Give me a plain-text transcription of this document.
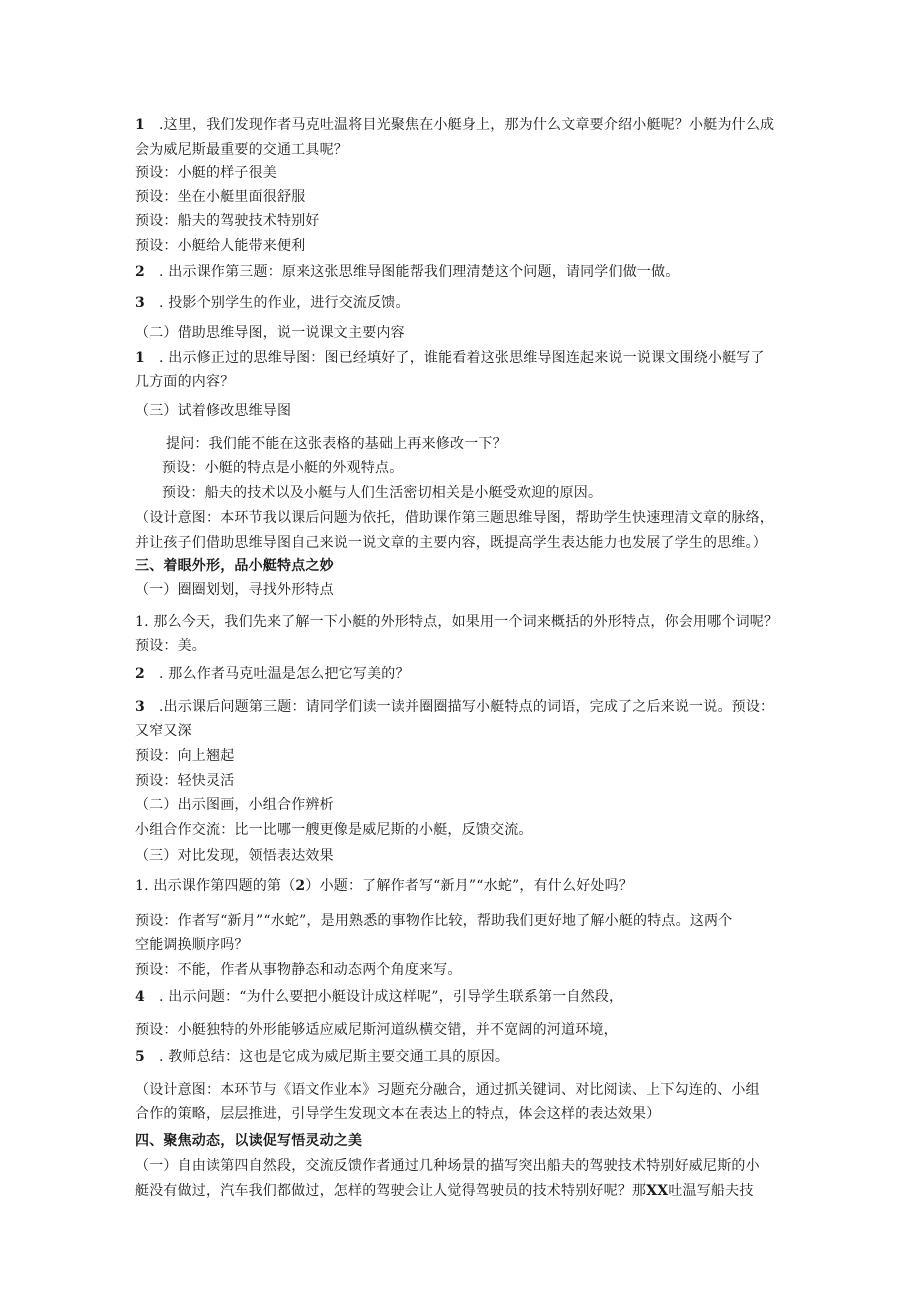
1 .这里，我们发现作者马克吐温将目光聚焦在小艇身上，那为什么文章要介绍小艇呢？小艇为什么成
会为威尼斯最重要的交通工具呢？
预设：小艇的样子很美
预设：坐在小艇里面很舒服
预设：船夫的驾驶技术特别好
预设：小艇给人能带来便利
2 . 出示课作第三题：原来这张思维导图能帮我们理清楚这个问题，请同学们做一做。
3 . 投影个别学生的作业，进行交流反馈。
（二）借助思维导图，说一说课文主要内容
1 . 出示修正过的思维导图：图已经填好了，谁能看着这张思维导图连起来说一说课文围绕小艇写了
几方面的内容？
（三）试着修改思维导图
提问：我们能不能在这张表格的基础上再来修改一下？
预设：小艇的特点是小艇的外观特点。
预设：船夫的技术以及小艇与人们生活密切相关是小艇受欢迎的原因。
（设计意图：本环节我以课后问题为依托，借助课作第三题思维导图，帮助学生快速理清文章的脉络，
并让孩子们借助思维导图自己来说一说文章的主要内容，既提高学生表达能力也发展了学生的思维。）
三、着眼外形，品小艇特点之妙
（一）圈圈划划，寻找外形特点
1. 那么今天，我们先来了解一下小艇的外形特点，如果用一个词来概括的外形特点，你会用哪个词呢？
预设：美。
2 . 那么作者马克吐温是怎么把它写美的？
3 .出示课后问题第三题：请同学们读一读并圈圈描写小艇特点的词语，完成了之后来说一说。预设：
又窄又深
预设：向上翘起
预设：轻快灵活
（二）出示图画，小组合作辨析
小组合作交流：比一比哪一艘更像是威尼斯的小艇，反馈交流。
（三）对比发现，领悟表达效果
1. 出示课作第四题的第（2）小题：了解作者写“新月”“水蛇”，有什么好处吗？
预设：作者写“新月”“水蛇”，是用熟悉的事物作比较，帮助我们更好地了解小艇的特点。这两个
空能调换顺序吗？
预设：不能，作者从事物静态和动态两个角度来写。
4 . 出示问题：“为什么要把小艇设计成这样呢”，引导学生联系第一自然段，
预设：小艇独特的外形能够适应威尼斯河道纵横交错，并不宽阔的河道环境，
5 . 教师总结：这也是它成为威尼斯主要交通工具的原因。
（设计意图：本环节与《语文作业本》习题充分融合，通过抓关键词、对比阅读、上下勾连的、小组
合作的策略，层层推进，引导学生发现文本在表达上的特点，体会这样的表达效果）
四、聚焦动态，以读促写悟灵动之美
（一）自由读第四自然段，交流反馈作者通过几种场景的描写突出船夫的驾驶技术特别好威尼斯的小
艇没有做过，汽车我们都做过，怎样的驾驶会让人觉得驾驶员的技术特别好呢？那XX吐温写船夫技
